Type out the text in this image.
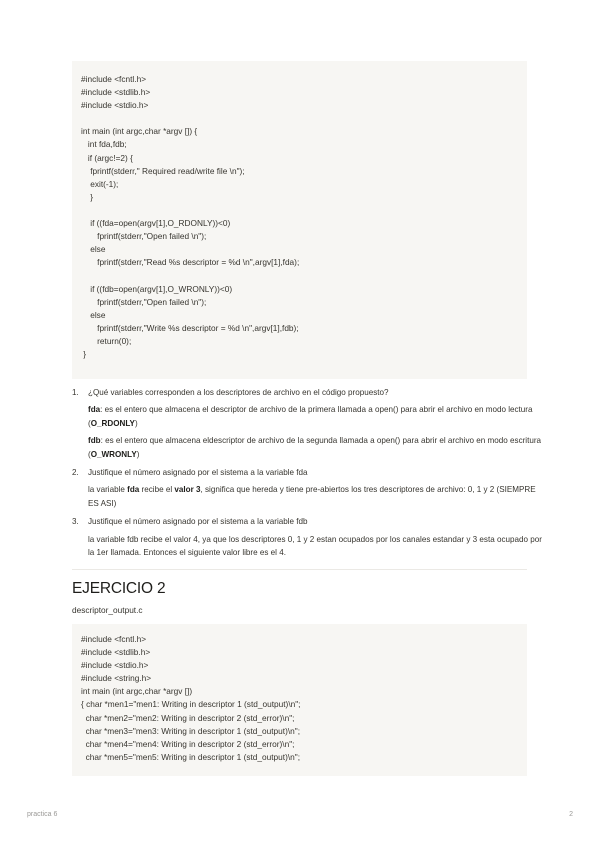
#include <fcntl.h>
#include <stdlib.h>
#include <stdio.h>
int main (int argc,char *argv []) {
int fda,fdb;
if (argc!=2) {
fprintf(stderr," Required read/write file \n");
exit(-1);
}
if ((fda=open(argv[1],O_RDONLY))<0)
fprintf(stderr,"Open failed \n");
else
fprintf(stderr,"Read %s descriptor = %d \n",argv[1],fda);
if ((fdb=open(argv[1],O_WRONLY))<0)
fprintf(stderr,"Open failed \n");
else
fprintf(stderr,"Write %s descriptor = %d \n",argv[1],fdb);
return(0);
}
1. ¿Qué variables corresponden a los descriptores de archivo en el código propuesto?

fda: es el entero que almacena el descriptor de archivo de la primera llamada a open() para abrir el archivo en modo lectura (O_RDONLY)

fdb: es el entero que almacena eldescriptor de archivo de la segunda llamada a open() para abrir el archivo en modo escritura (O_WRONLY)

2. Justifique el número asignado por el sistema a la variable fda

la variable fda recibe el valor 3, significa que hereda y tiene pre-abiertos los tres descriptores de archivo: 0, 1 y 2 (SIEMPRE ES ASI)

3. Justifique el número asignado por el sistema a la variable fdb

la variable fdb recibe el valor 4, ya que los descriptores 0, 1 y 2 estan ocupados por los canales estandar y 3 esta ocupado por la 1er llamada. Entonces el siguiente valor libre es el 4.

EJERCICIO 2
descriptor_output.c
#include <fcntl.h>
#include <stdlib.h>
#include <stdio.h>
#include <string.h>
int main (int argc,char *argv [])
{ char *men1="men1: Writing in descriptor 1 (std_output)\n";
char *men2="men2: Writing in descriptor 2 (std_error)\n";
char *men3="men3: Writing in descriptor 1 (std_output)\n";
char *men4="men4: Writing in descriptor 2 (std_error)\n";
char *men5="men5: Writing in descriptor 1 (std_output)\n";
practica 6	2
